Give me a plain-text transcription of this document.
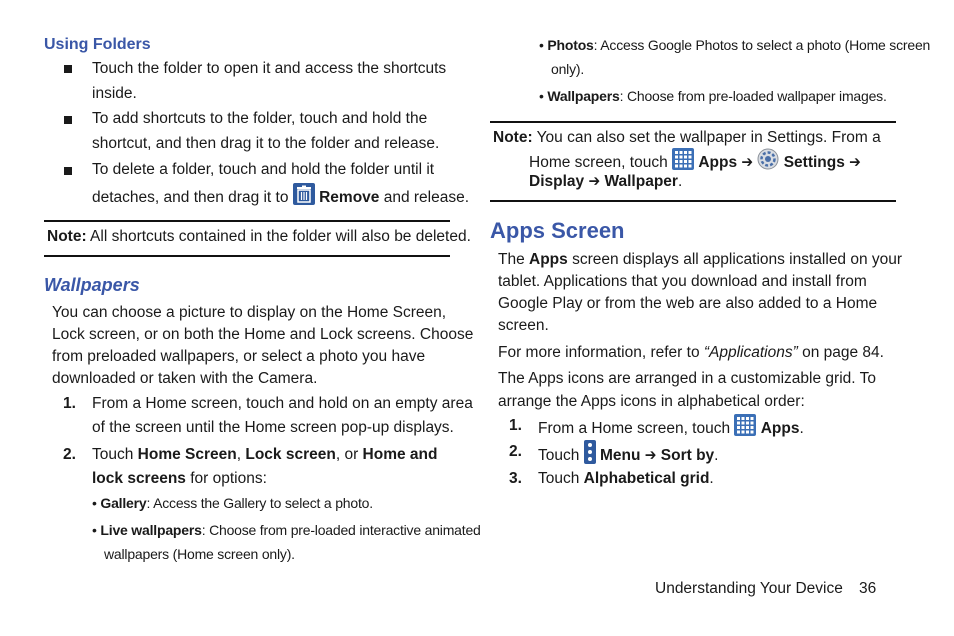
Using Folders
Touch the folder to open it and access the shortcuts
inside.
To add shortcuts to the folder, touch and hold the
shortcut, and then drag it to the folder and release.
To delete a folder, touch and hold the folder until it
detaches, and then drag it to  Remove and release.
Note: All shortcuts contained in the folder will also be deleted.
Wallpapers
You can choose a picture to display on the Home Screen,
Lock screen, or on both the Home and Lock screens. Choose
from preloaded wallpapers, or select a photo you have
downloaded or taken with the Camera.
1. From a Home screen, touch and hold on an empty area
of the screen until the Home screen pop-up displays.
2. Touch Home Screen, Lock screen, or Home and
lock screens for options:
• Gallery: Access the Gallery to select a photo.
• Live wallpapers: Choose from pre-loaded interactive animated
wallpapers (Home screen only).
• Photos: Access Google Photos to select a photo (Home screen
only).
• Wallpapers: Choose from pre-loaded wallpaper images.
Note: You can also set the wallpaper in Settings. From a
Home screen, touch  Apps ➔  Settings ➔
Display ➔ Wallpaper.
Apps Screen
The Apps screen displays all applications installed on your
tablet. Applications that you download and install from
Google Play or from the web are also added to a Home
screen.
For more information, refer to “Applications” on page 84.
The Apps icons are arranged in a customizable grid. To
arrange the Apps icons in alphabetical order:
1. From a Home screen, touch  Apps.
2. Touch  Menu ➔ Sort by.
3. Touch Alphabetical grid.
Understanding Your Device 36
